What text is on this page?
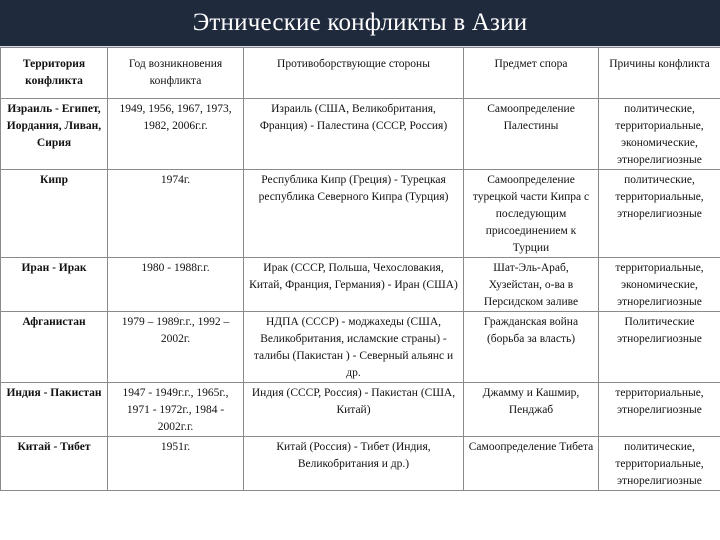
Этнические конфликты в Азии
Территория конфликта	Год возникновения конфликта	Противоборствующие стороны	Предмет спора	Причины конфликта
Израиль - Египет, Иордания, Ливан, Сирия	1949, 1956, 1967, 1973, 1982, 2006г.г.	Израиль (США, Великобритания, Франция) - Палестина (СССР, Россия)	Самоопределение Палестины	политические, территориальные, экономические, этнорелигиозные
Кипр	1974г.	Республика Кипр (Греция) - Турецкая республика Северного Кипра (Турция)	Самоопределение турецкой части Кипра с последующим присоединением к Турции	политические, территориальные, этнорелигиозные
Иран - Ирак	1980 - 1988г.г.	Ирак (СССР, Польша, Чехословакия, Китай, Франция, Германия) - Иран (США)	Шат-Эль-Араб, Хузейстан, о-ва в Персидском заливе	территориальные, экономические, этнорелигиозные
Афганистан	1979 – 1989г.г., 1992 – 2002г.	НДПА (СССР) - моджахеды (США, Великобритания, исламские страны) - талибы (Пакистан ) - Северный альянс и др.	Гражданская война (борьба за власть)	Политические этнорелигиозные
Индия - Пакистан	1947 - 1949г.г., 1965г., 1971 - 1972г., 1984 - 2002г.г.	Индия (СССР, Россия) - Пакистан (США, Китай)	Джамму и Кашмир, Пенджаб	территориальные, этнорелигиозные
Китай - Тибет	1951г.	Китай (Россия) - Тибет (Индия, Великобритания и др.)	Самоопределение Тибета	политические, территориальные, этнорелигиозные
